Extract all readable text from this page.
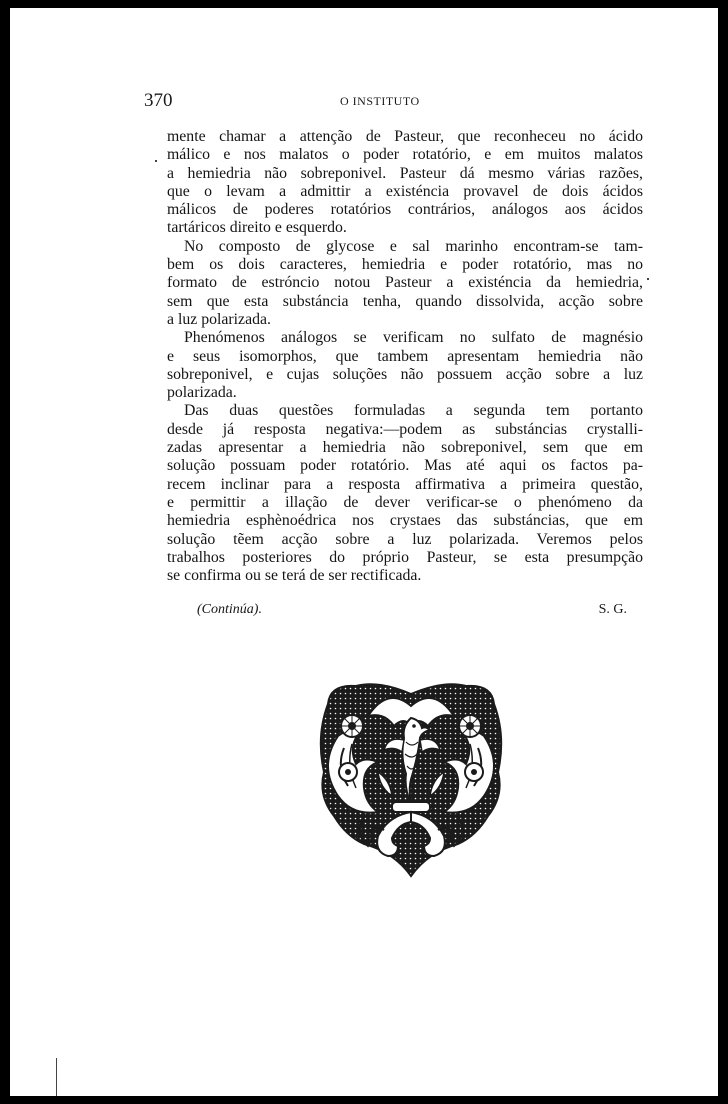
370	O INSTITUTO

mente chamar a attenção de Pasteur, que reconheceu no ácido
málico e nos malatos o poder rotatório, e em muitos malatos
a hemiedria não sobreponivel. Pasteur dá mesmo várias razões,
que o levam a admittir a existéncia provavel de dois ácidos
málicos de poderes rotatórios contrários, análogos aos ácidos
tartáricos direito e esquerdo.

No composto de glycose e sal marinho encontram-se tam-
bem os dois caracteres, hemiedria e poder rotatório, mas no
formato de estróncio notou Pasteur a existéncia da hemiedria,
sem que esta substáncia tenha, quando dissolvida, acção sobre
a luz polarizada.

Phenómenos análogos se verificam no sulfato de magnésio
e seus isomorphos, que tambem apresentam hemiedria não
sobreponivel, e cujas soluções não possuem acção sobre a luz
polarizada.

Das duas questões formuladas a segunda tem portanto
desde já resposta negativa:—podem as substáncias crystalli-
zadas apresentar a hemiedria não sobreponivel, sem que em
solução possuam poder rotatório. Mas até aqui os factos pa-
recem inclinar para a resposta affirmativa a primeira questão,
e permittir a illação de dever verificar-se o phenómeno da
hemiedria esphènoédrica nos crystaes das substáncias, que em
solução tẽem acção sobre a luz polarizada. Veremos pelos
trabalhos posteriores do próprio Pasteur, se esta presumpção
se confirma ou se terá de ser rectificada.

(Continúa).	S. G.
